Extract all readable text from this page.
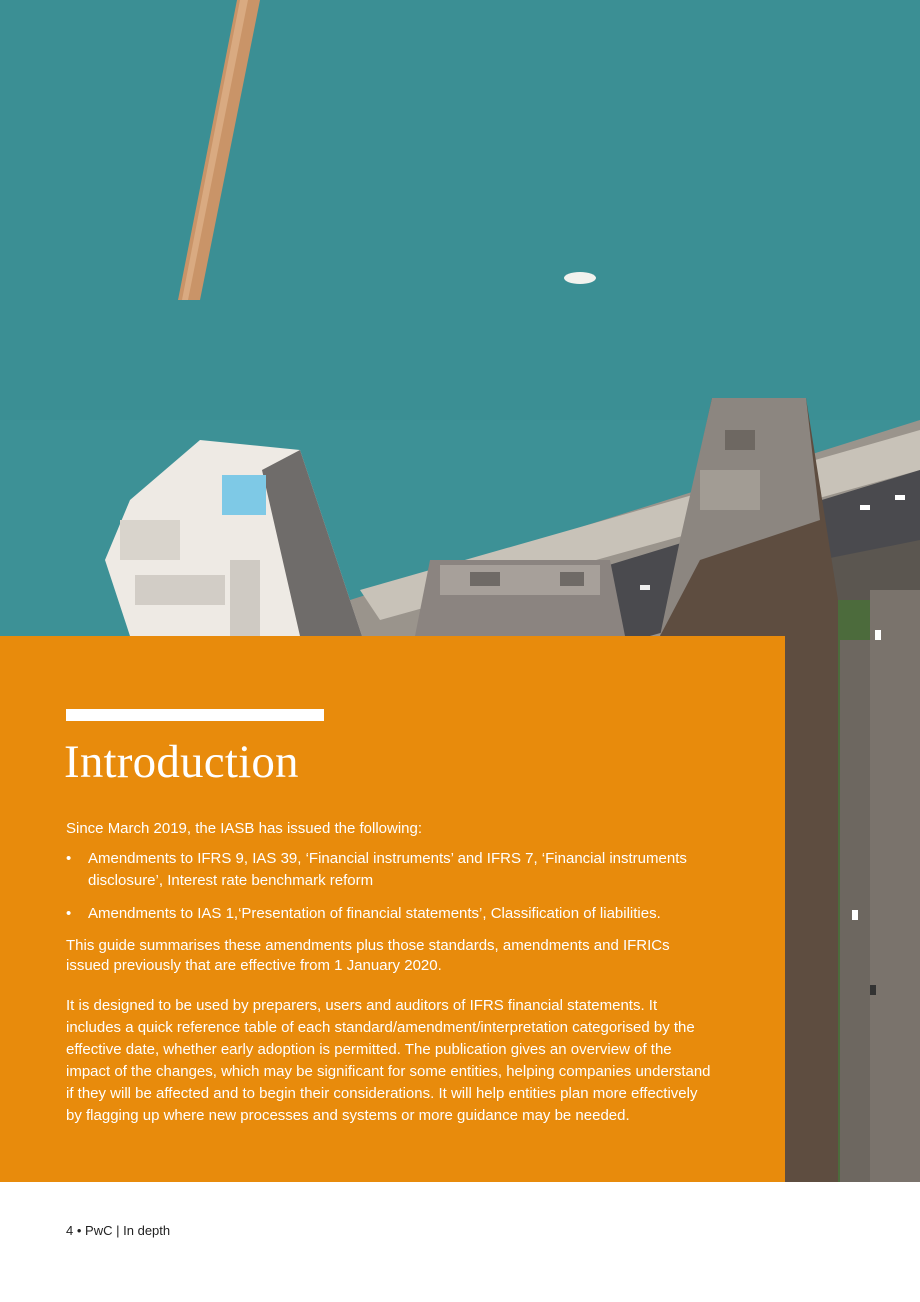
Introduction

Since March 2019, the IASB has issued the following:

• Amendments to IFRS 9, IAS 39, ‘Financial instruments’ and IFRS 7, ‘Financial instruments disclosure’, Interest rate benchmark reform
• Amendments to IAS 1,‘Presentation of financial statements’, Classification of liabilities.

This guide summarises these amendments plus those standards, amendments and IFRICs issued previously that are effective from 1 January 2020.

It is designed to be used by preparers, users and auditors of IFRS financial statements. It includes a quick reference table of each standard/amendment/interpretation categorised by the effective date, whether early adoption is permitted. The publication gives an overview of the impact of the changes, which may be significant for some entities, helping companies understand if they will be affected and to begin their considerations. It will help entities plan more effectively by flagging up where new processes and systems or more guidance may be needed.

4 • PwC | In depth
